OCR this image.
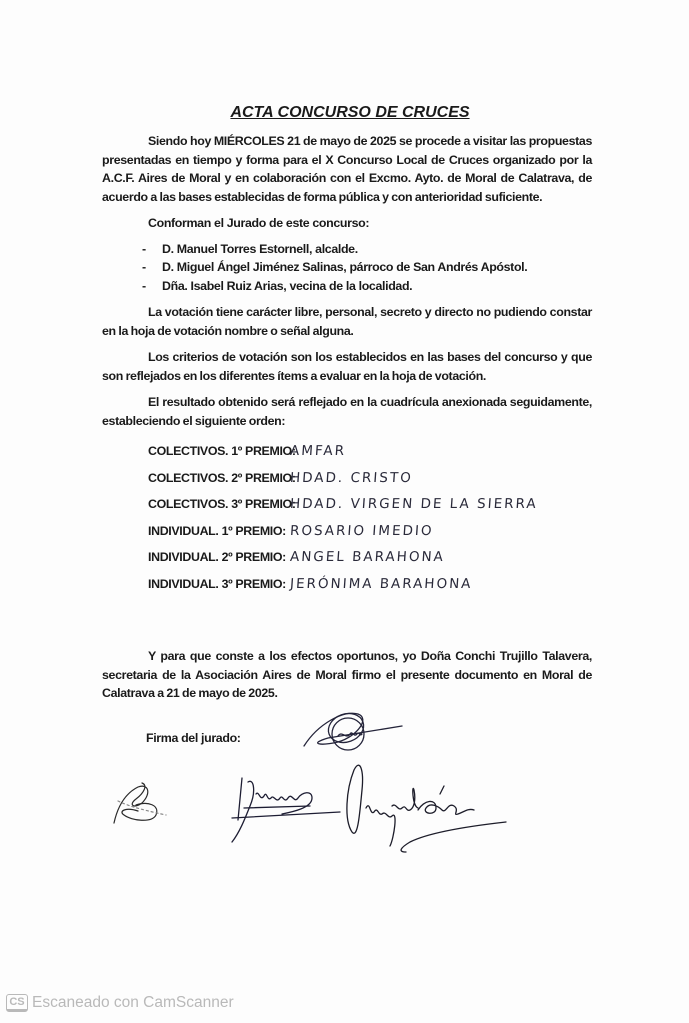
ACTA CONCURSO DE CRUCES
Siendo hoy MIÉRCOLES 21 de mayo de 2025 se procede a visitar las propuestas presentadas en tiempo y forma para el X Concurso Local de Cruces organizado por la A.C.F. Aires de Moral y en colaboración con el Excmo. Ayto. de Moral de Calatrava, de acuerdo a las bases establecidas de forma pública y con anterioridad suficiente.
Conforman el Jurado de este concurso:
- D. Manuel Torres Estornell, alcalde.
- D. Miguel Ángel Jiménez Salinas, párroco de San Andrés Apóstol.
- Dña. Isabel Ruiz Arias, vecina de la localidad.
La votación tiene carácter libre, personal, secreto y directo no pudiendo constar en la hoja de votación nombre o señal alguna.
Los criterios de votación son los establecidos en las bases del concurso y que son reflejados en los diferentes ítems a evaluar en la hoja de votación.
El resultado obtenido será reflejado en la cuadrícula anexionada seguidamente, estableciendo el siguiente orden:
COLECTIVOS. 1º PREMIO:
AMFAR
COLECTIVOS. 2º PREMIO:
HDAD. CRISTO
COLECTIVOS. 3º PREMIO:
HDAD. VIRGEN DE LA SIERRA
INDIVIDUAL. 1º PREMIO: ROSARIO IMEDIO
INDIVIDUAL. 2º PREMIO: ANGEL BARAHONA
INDIVIDUAL. 3º PREMIO: JERÓNIMA BARAHONA
Y para que conste a los efectos oportunos, yo Doña Conchi Trujillo Talavera, secretaria de la Asociación Aires de Moral firmo el presente documento en Moral de Calatrava a 21 de mayo de 2025.
Firma del jurado:
CS Escaneado con CamScanner
